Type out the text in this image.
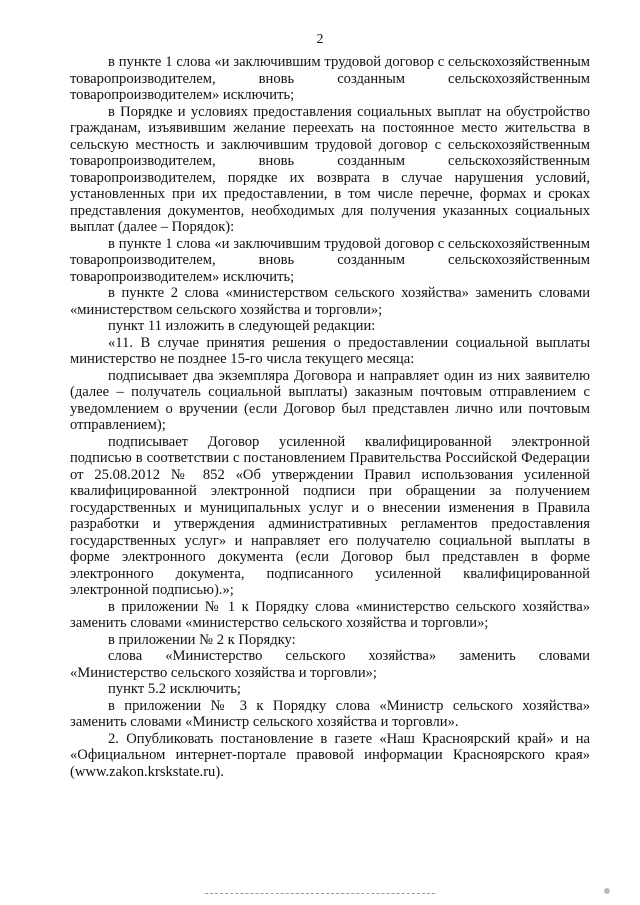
2

в пункте 1 слова «и заключившим трудовой договор с сельскохозяйственным товаропроизводителем, вновь созданным сельскохозяйственным товаропроизводителем» исключить;

в Порядке и условиях предоставления социальных выплат на обустройство гражданам, изъявившим желание переехать на постоянное место жительства в сельскую местность и заключившим трудовой договор с сельскохозяйственным товаропроизводителем, вновь созданным сельскохозяйственным товаропроизводителем, порядке их возврата в случае нарушения условий, установленных при их предоставлении, в том числе перечне, формах и сроках представления документов, необходимых для получения указанных социальных выплат (далее – Порядок):

в пункте 1 слова «и заключившим трудовой договор с сельскохозяйственным товаропроизводителем, вновь созданным сельскохозяйственным товаропроизводителем» исключить;

в пункте 2 слова «министерством сельского хозяйства» заменить словами «министерством сельского хозяйства и торговли»;

пункт 11 изложить в следующей редакции:

«11. В случае принятия решения о предоставлении социальной выплаты министерство не позднее 15-го числа текущего месяца:

подписывает два экземпляра Договора и направляет один из них заявителю (далее – получатель социальной выплаты) заказным почтовым отправлением с уведомлением о вручении (если Договор был представлен лично или почтовым отправлением);

подписывает Договор усиленной квалифицированной электронной подписью в соответствии с постановлением Правительства Российской Федерации от 25.08.2012 № 852 «Об утверждении Правил использования усиленной квалифицированной электронной подписи при обращении за получением государственных и муниципальных услуг и о внесении изменения в Правила разработки и утверждения административных регламентов предоставления государственных услуг» и направляет его получателю социальной выплаты в форме электронного документа (если Договор был представлен в форме электронного документа, подписанного усиленной квалифицированной электронной подписью).»;

в приложении № 1 к Порядку слова «министерство сельского хозяйства» заменить словами «министерство сельского хозяйства и торговли»;

в приложении № 2 к Порядку:

слова «Министерство сельского хозяйства» заменить словами «Министерство сельского хозяйства и торговли»;

пункт 5.2 исключить;

в приложении № 3 к Порядку слова «Министр сельского хозяйства» заменить словами «Министр сельского хозяйства и торговли».

2. Опубликовать постановление в газете «Наш Красноярский край» и на «Официальном интернет-портале правовой информации Красноярского края» (www.zakon.krskstate.ru).
